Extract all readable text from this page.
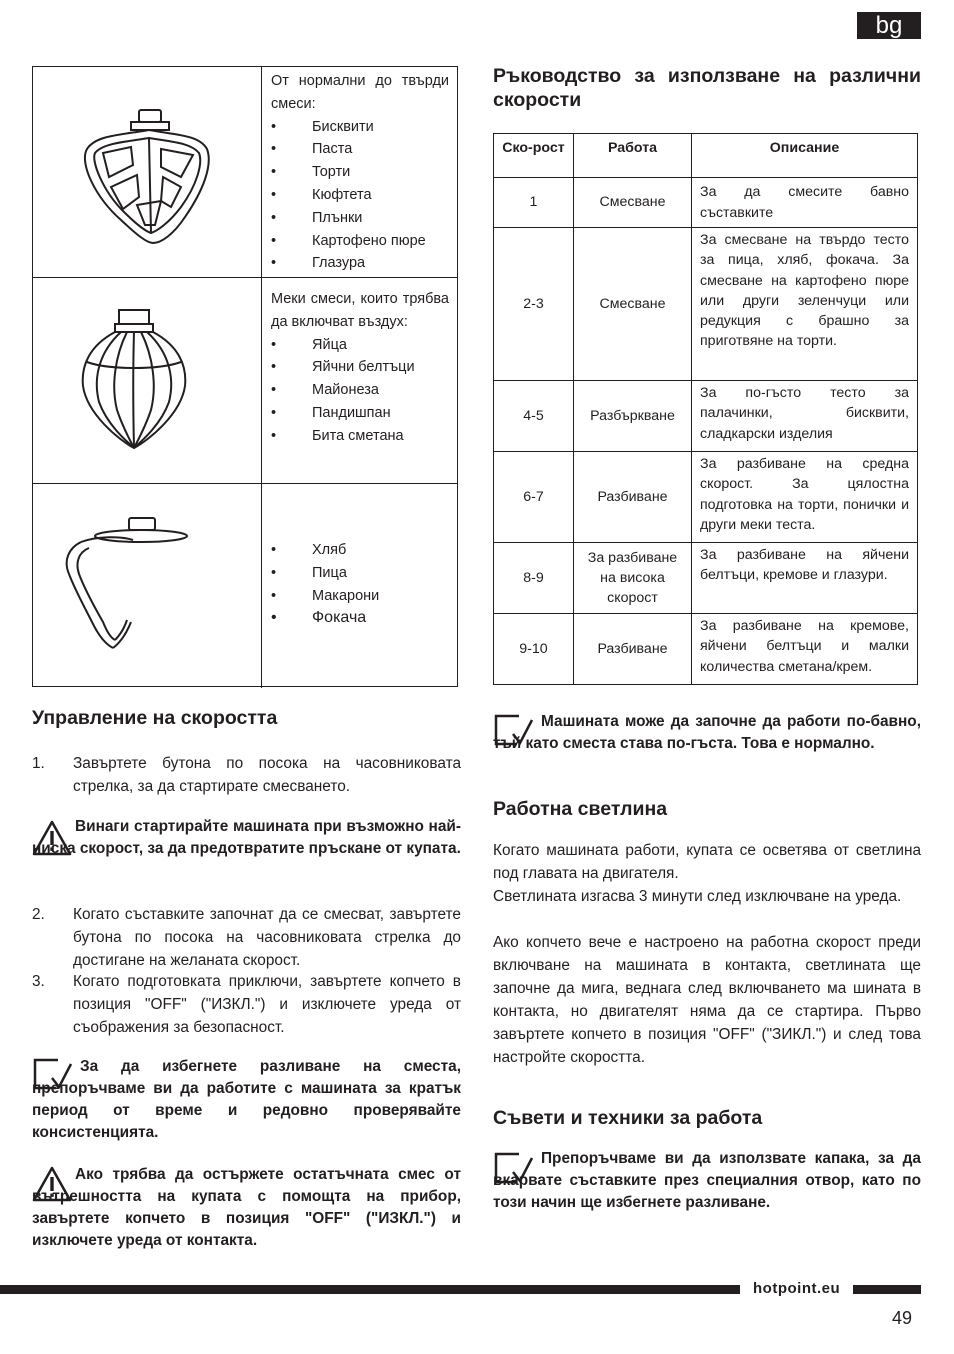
bg
От нормални до твърди смеси:
• Бисквити
• Паста
• Торти
• Кюфтета
• Плънки
• Картофено пюре
• Глазура
Меки смеси, които трябва да включват въздух:
• Яйца
• Яйчни белтъци
• Майонеза
• Пандишпан
• Бита сметана
• Хляб
• Пица
• Макарони
• Фокача
Управление на скоростта
1. Завъртете бутона по посока на часовниковата стрелка, за да стартирате смесването.
Винаги стартирайте машината при възможно най-ниска скорост, за да предотвратите пръскане от купата.
2. Когато съставките започнат да се смесват, завъртете бутона по посока на часовниковата стрелка до достигане на желаната скорост.
3. Когато подготовката приключи, завъртете копчето в позиция "OFF" ("ИЗКЛ.") и изключете уреда от съображения за безопасност.
За да избегнете разливане на сместа, препоръчваме ви да работите с машината за кратък период от време и редовно проверявайте консистенцията.
Ако трябва да остържете остатъчната смес от вътрешността на купата с помощта на прибор, завъртете копчето в позиция "OFF" ("ИЗКЛ.") и изключете уреда от контакта.
Ръководство за използване на различни скорости
Ско-рост	Работа	Описание
1	Смесване	За да смесите бавно съставките
2-3	Смесване	За смесване на твърдо тесто за пица, хляб, фокача. За смесване на картофено пюре или други зеленчуци или редукция с брашно за приготвяне на торти.
4-5	Разбъркване	За по-гъсто тесто за палачинки, бисквити, сладкарски изделия
6-7	Разбиване	За разбиване на средна скорост. За цялостна подготовка на торти, понички и други меки теста.
8-9	За разбиване на висока скорост	За разбиване на яйчени белтъци, кремове и глазури.
9-10	Разбиване	За разбиване на кремове, яйчени белтъци и малки количества сметана/крем.
Машината може да започне да работи по-бавно, тъй като сместа става по-гъста. Това е нормално.
Работна светлина
Когато машината работи, купата се осветява от светлина под главата на двигателя.
Светлината изгасва 3 минути след изключване на уреда.
Ако копчето вече е настроено на работна скорост преди включване на машината в контакта, светлината ще започне да мига, веднага след включването ма шината в контакта, но двигателят няма да се стартира. Първо завъртете копчето в позиция "OFF" ("ЗИКЛ.") и след това настройте скоростта.
Съвети и техники за работа
Препоръчваме ви да използвате капака, за да вкарвате съставките през специалния отвор, като по този начин ще избегнете разливане.
hotpoint.eu
49
